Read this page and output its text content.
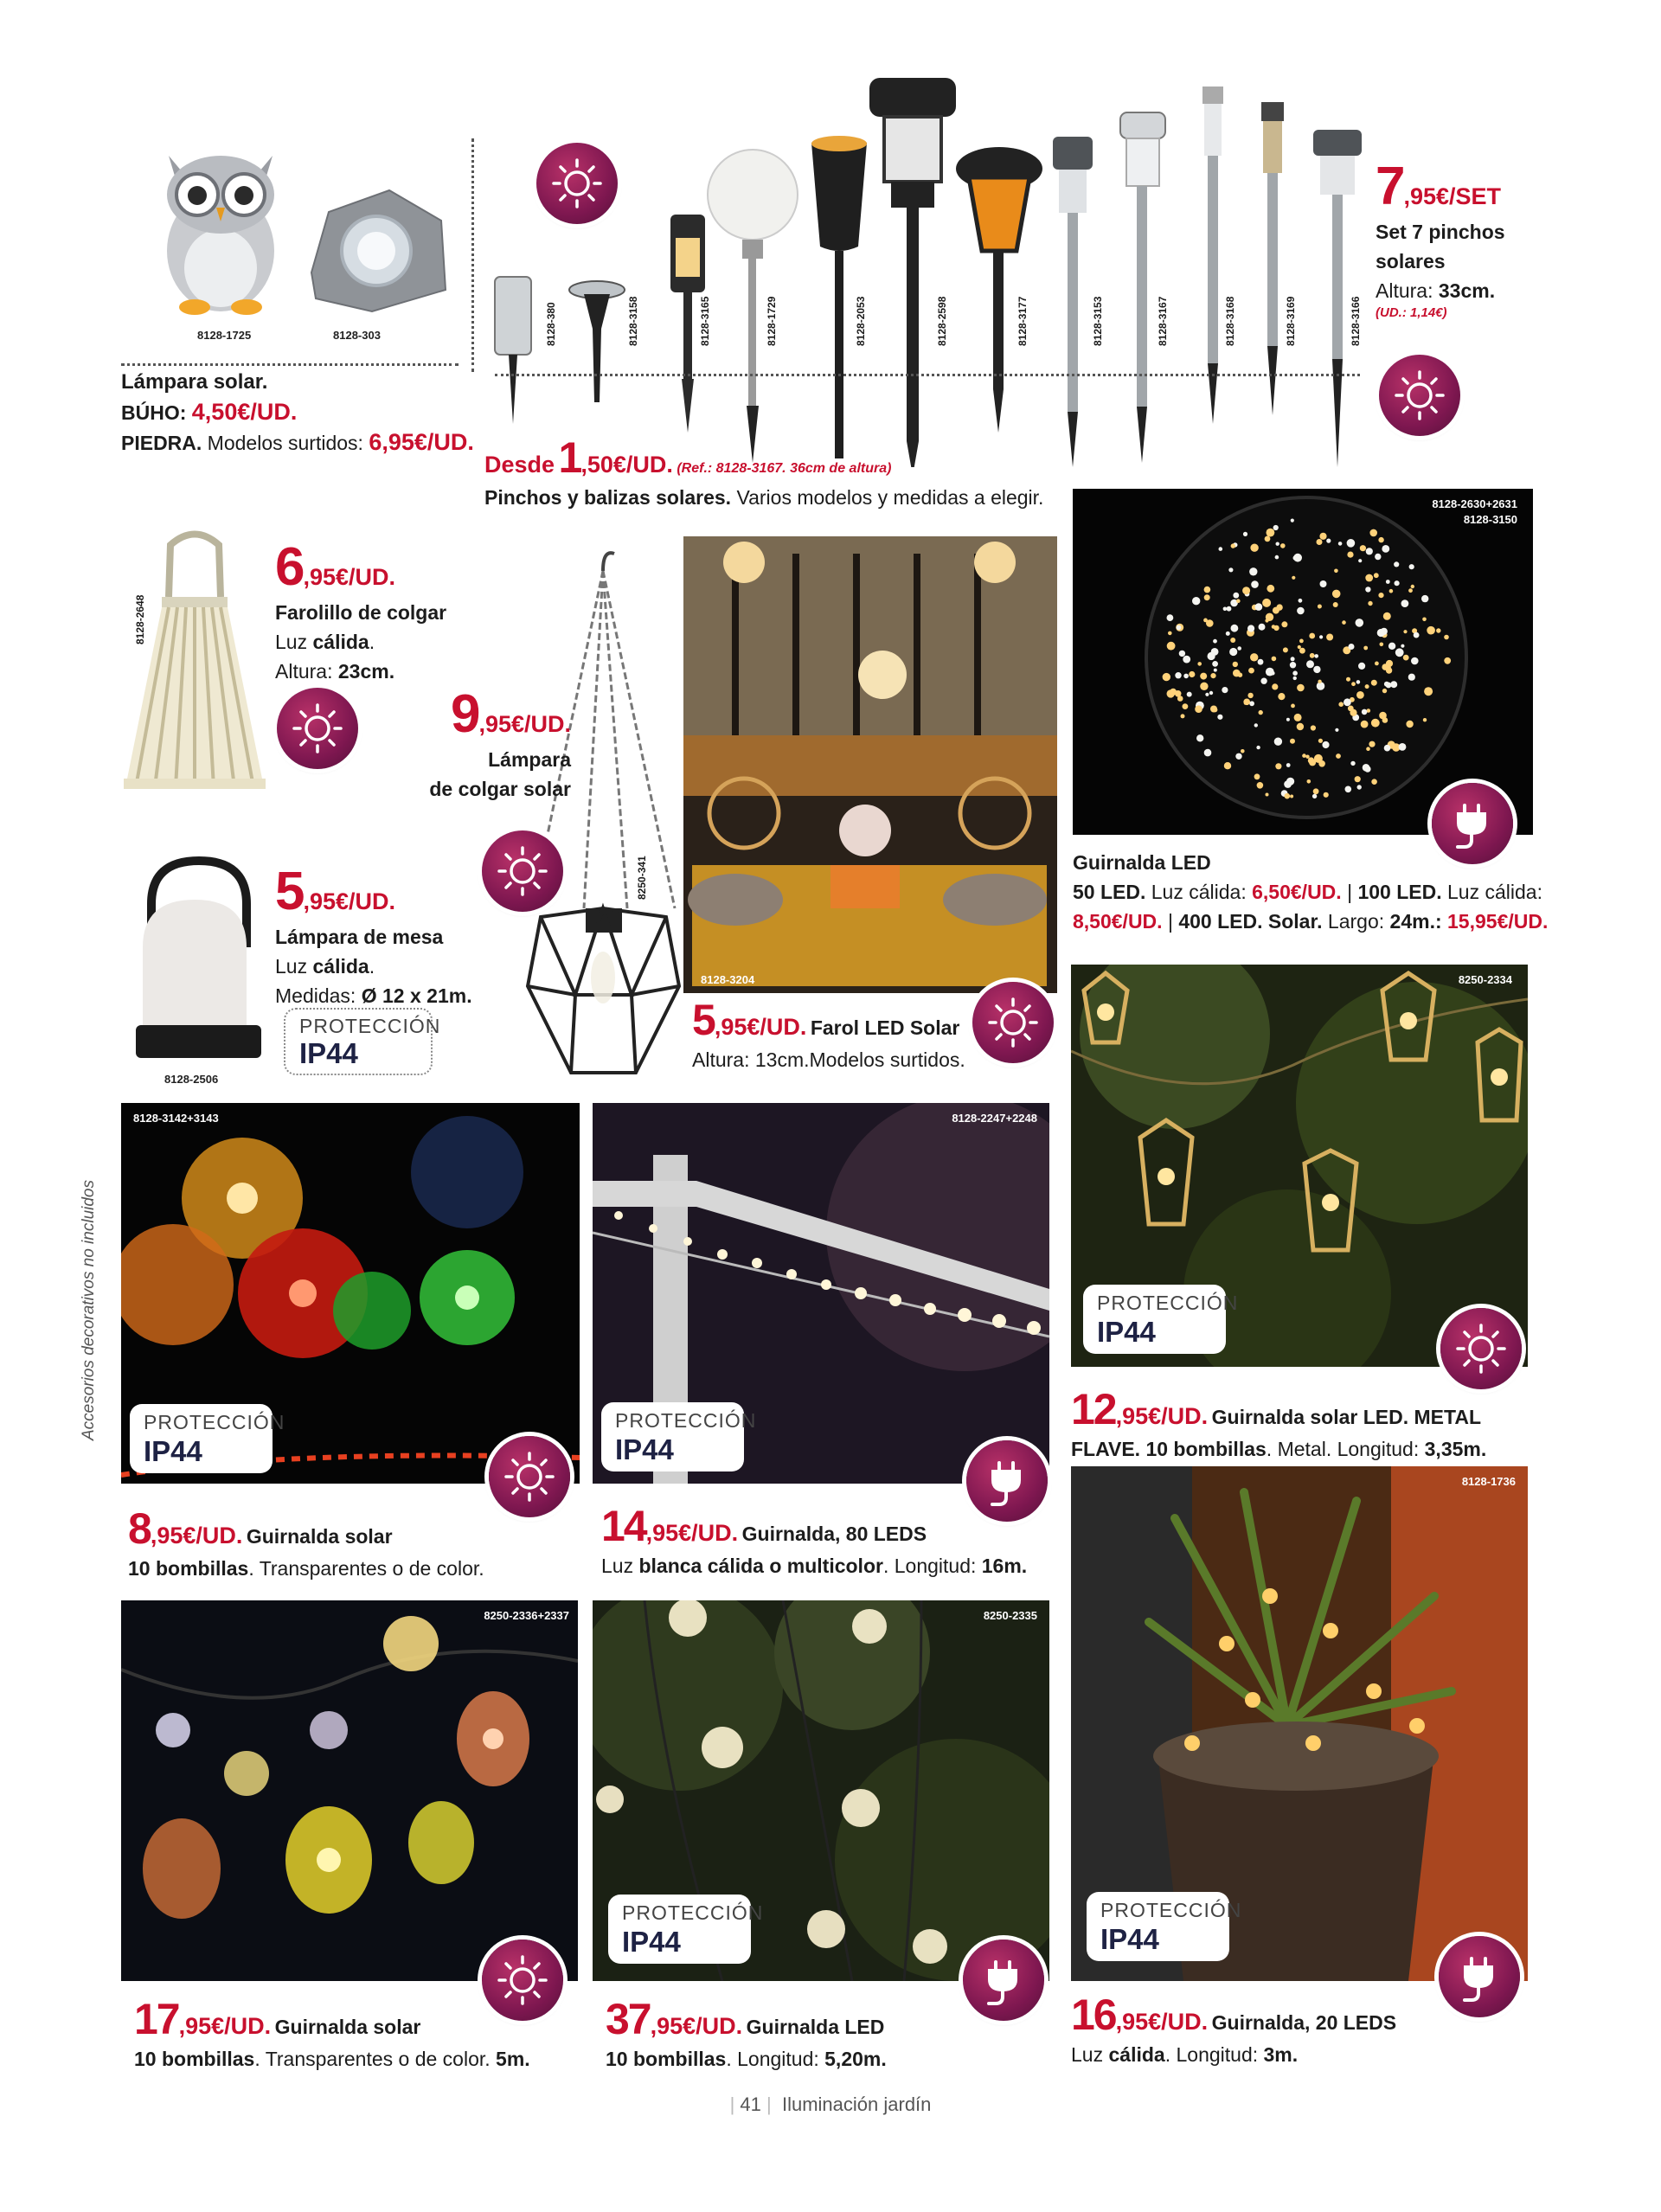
8128-1725	8128-303
Lámpara solar.
BÚHO: 4,50€/UD.
PIEDRA. Modelos surtidos: 6,95€/UD.
8128-380	8128-3158	8128-3165	8128-1729	8128-2053	8128-2598	8128-3177	8128-3153	8128-3167	8128-3168	8128-3169	8128-3166
Desde 1,50€/UD. (Ref.: 8128-3167. 36cm de altura)
Pinchos y balizas solares. Varios modelos y medidas a elegir.
7,95€/SET
Set 7 pinchos
solares
Altura: 33cm.
(UD.: 1,14€)
8128-2648
6,95€/UD.
Farolillo de colgar
Luz cálida.
Altura: 23cm.
8250-341
9,95€/UD.
Lámpara
de colgar solar
8128-2506
5,95€/UD.
Lámpara de mesa
Luz cálida.
Medidas: Ø 12 x 21m.
PROTECCIÓN
IP44
8128-3204
5,95€/UD. Farol LED Solar
Altura: 13cm.Modelos surtidos.
8128-2630+2631
8128-3150
Guirnalda LED
50 LED. Luz cálida: 6,50€/UD. | 100 LED. Luz cálida:
8,50€/UD. | 400 LED. Solar. Largo: 24m.: 15,95€/UD.
8250-2334
PROTECCIÓN
IP44
12,95€/UD. Guirnalda solar LED. METAL
FLAVE. 10 bombillas. Metal. Longitud: 3,35m.
Accesorios decorativos no incluidos
8128-3142+3143
PROTECCIÓN
IP44
8,95€/UD. Guirnalda solar
10 bombillas. Transparentes o de color.
8128-2247+2248
PROTECCIÓN
IP44
14,95€/UD. Guirnalda, 80 LEDS
Luz blanca cálida o multicolor. Longitud: 16m.
8250-2336+2337
17,95€/UD. Guirnalda solar
10 bombillas. Transparentes o de color. 5m.
8250-2335
PROTECCIÓN
IP44
37,95€/UD. Guirnalda LED
10 bombillas. Longitud: 5,20m.
8128-1736
PROTECCIÓN
IP44
16,95€/UD. Guirnalda, 20 LEDS
Luz cálida. Longitud: 3m.
| 41 | Iluminación jardín
